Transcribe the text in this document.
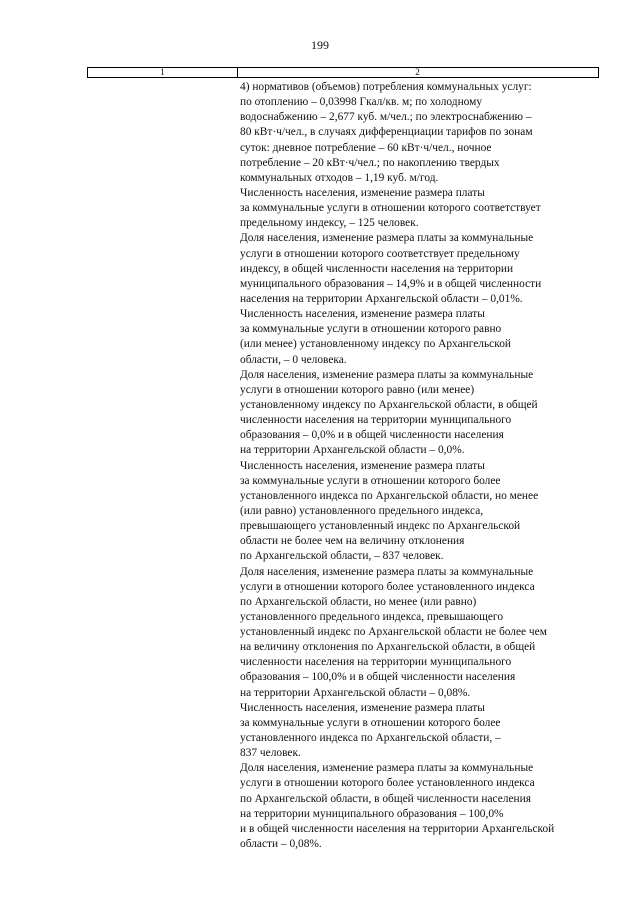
199
1	2
4) нормативов (объемов) потребления коммунальных услуг:
по отоплению – 0,03998 Гкал/кв. м; по холодному
водоснабжению – 2,677 куб. м/чел.; по электроснабжению –
80 кВт·ч/чел., в случаях дифференциации тарифов по зонам
суток: дневное потребление – 60 кВт·ч/чел., ночное
потребление – 20 кВт·ч/чел.; по накоплению твердых
коммунальных отходов – 1,19 куб. м/год.
Численность населения, изменение размера платы
за коммунальные услуги в отношении которого соответствует
предельному индексу, – 125 человек.
Доля населения, изменение размера платы за коммунальные
услуги в отношении которого соответствует предельному
индексу, в общей численности населения на территории
муниципального образования – 14,9% и в общей численности
населения на территории Архангельской области – 0,01%.
Численность населения, изменение размера платы
за коммунальные услуги в отношении которого равно
(или менее) установленному индексу по Архангельской
области, – 0 человека.
Доля населения, изменение размера платы за коммунальные
услуги в отношении которого равно (или менее)
установленному индексу по Архангельской области, в общей
численности населения на территории муниципального
образования – 0,0% и в общей численности населения
на территории Архангельской области – 0,0%.
Численность населения, изменение размера платы
за коммунальные услуги в отношении которого более
установленного индекса по Архангельской области, но менее
(или равно) установленного предельного индекса,
превышающего установленный индекс по Архангельской
области не более чем на величину отклонения
по Архангельской области, – 837 человек.
Доля населения, изменение размера платы за коммунальные
услуги в отношении которого более установленного индекса
по Архангельской области, но менее (или равно)
установленного предельного индекса, превышающего
установленный индекс по Архангельской области не более чем
на величину отклонения по Архангельской области, в общей
численности населения на территории муниципального
образования – 100,0% и в общей численности населения
на территории Архангельской области – 0,08%.
Численность населения, изменение размера платы
за коммунальные услуги в отношении которого более
установленного индекса по Архангельской области, –
837 человек.
Доля населения, изменение размера платы за коммунальные
услуги в отношении которого более установленного индекса
по Архангельской области, в общей численности населения
на территории муниципального образования – 100,0%
и в общей численности населения на территории Архангельской
области – 0,08%.
